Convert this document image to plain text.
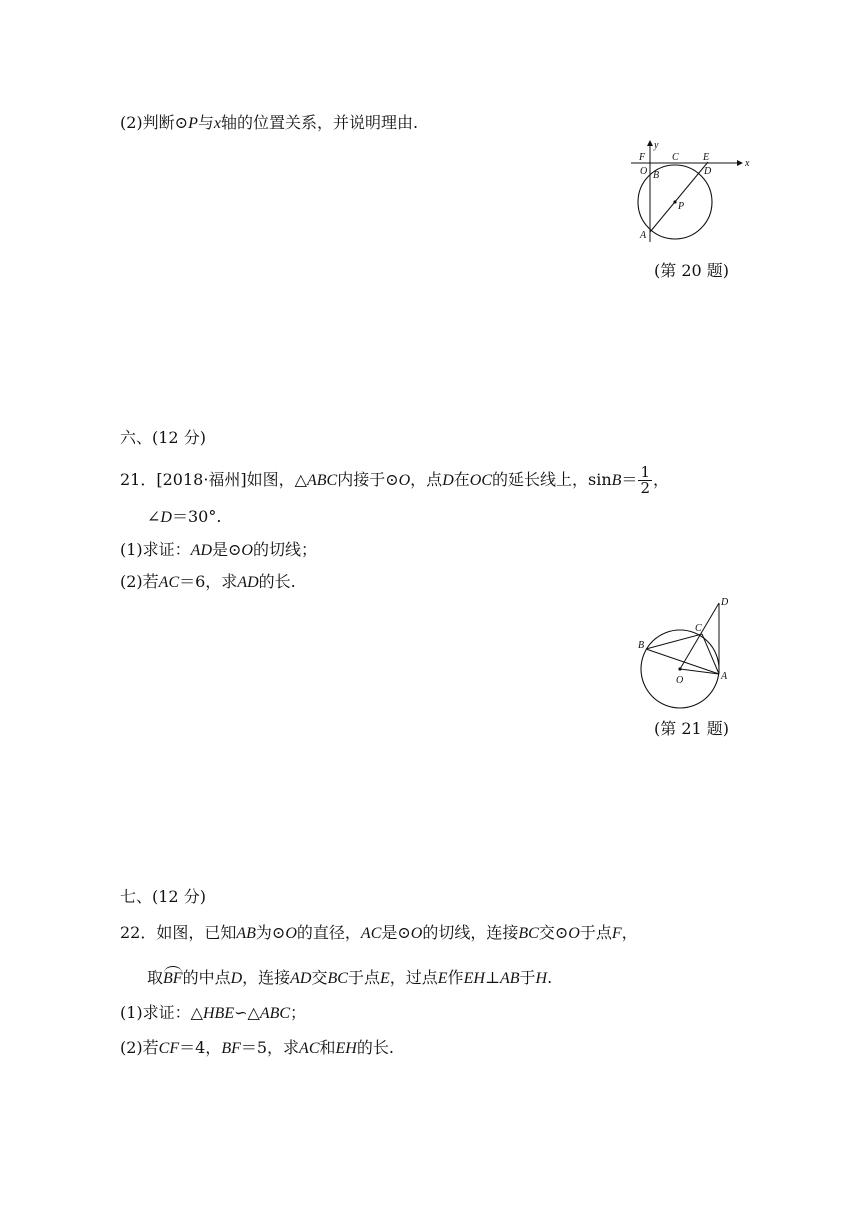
(2)判断⊙P与x轴的位置关系，并说明理由.
y
x
F	C E
O B	D
P
A
(第 20 题)
六、(12 分)
21．[2018·福州]如图，△ABC内接于⊙O，点D在OC的延长线上，$\sin B= \frac{1}{2}$ ，
∠D＝30°.
(1)求证：AD是⊙O的切线；
(2)若AC＝6，求AD的长.
D
C
B
O	A
(第 21 题)
七、(12 分)
22．如图，已知AB为⊙O的直径，AC是⊙O的切线，连接BC交⊙O于点F，
取BF的中点D，连接AD交BC于点E，过点E作EH⊥AB于H.
(1)求证：△HBE∽△ABC；
(2)若CF＝4，BF＝5，求AC和EH的长.
